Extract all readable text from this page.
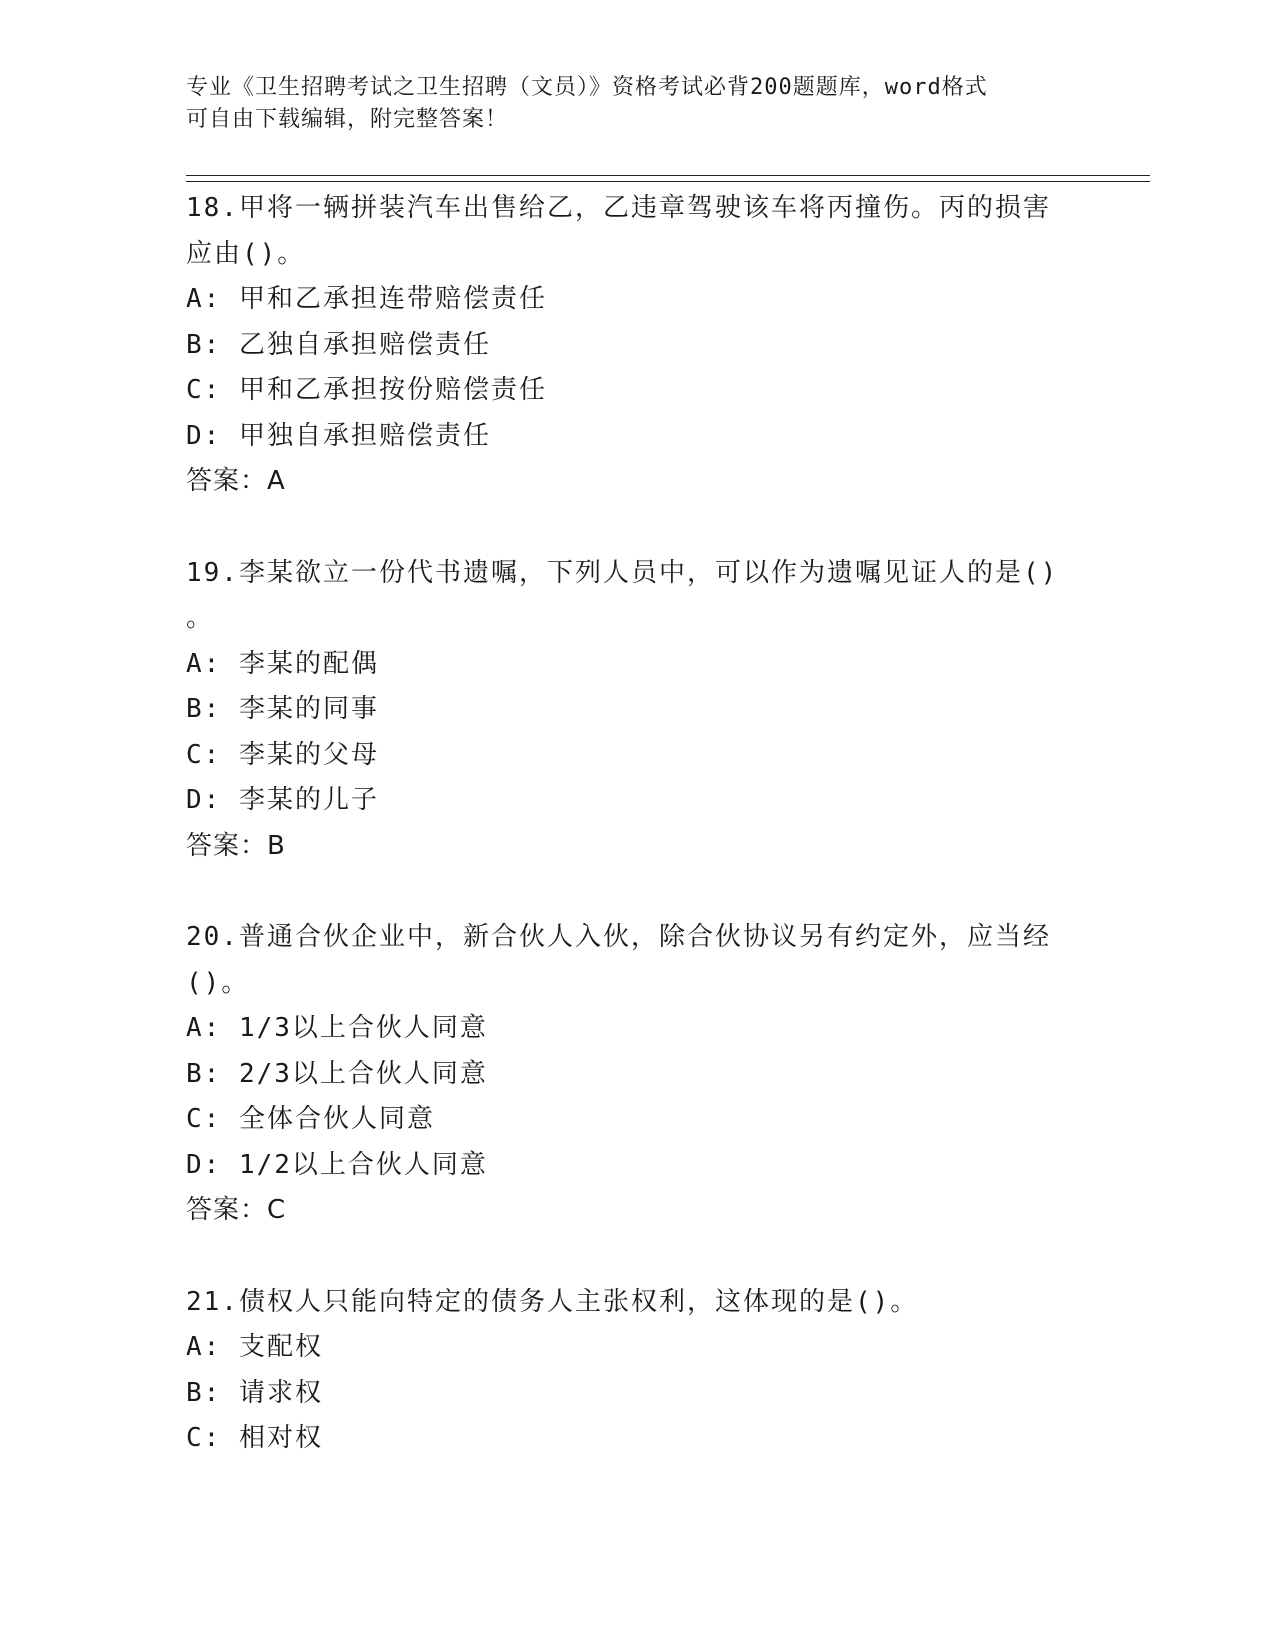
专业《卫生招聘考试之卫生招聘（文员）》资格考试必背200题题库，word格式
可自由下载编辑，附完整答案！

18.甲将一辆拼装汽车出售给乙，乙违章驾驶该车将丙撞伤。丙的损害

应由()。

A: 甲和乙承担连带赔偿责任

B: 乙独自承担赔偿责任

C: 甲和乙承担按份赔偿责任

D: 甲独自承担赔偿责任

答案：A

19.李某欲立一份代书遗嘱，下列人员中，可以作为遗嘱见证人的是()

。

A: 李某的配偶

B: 李某的同事

C: 李某的父母

D: 李某的儿子

答案：B

20.普通合伙企业中，新合伙人入伙，除合伙协议另有约定外，应当经

()。

A: 1/3以上合伙人同意

B: 2/3以上合伙人同意

C: 全体合伙人同意

D: 1/2以上合伙人同意

答案：C

21.债权人只能向特定的债务人主张权利，这体现的是()。

A: 支配权

B: 请求权

C: 相对权
